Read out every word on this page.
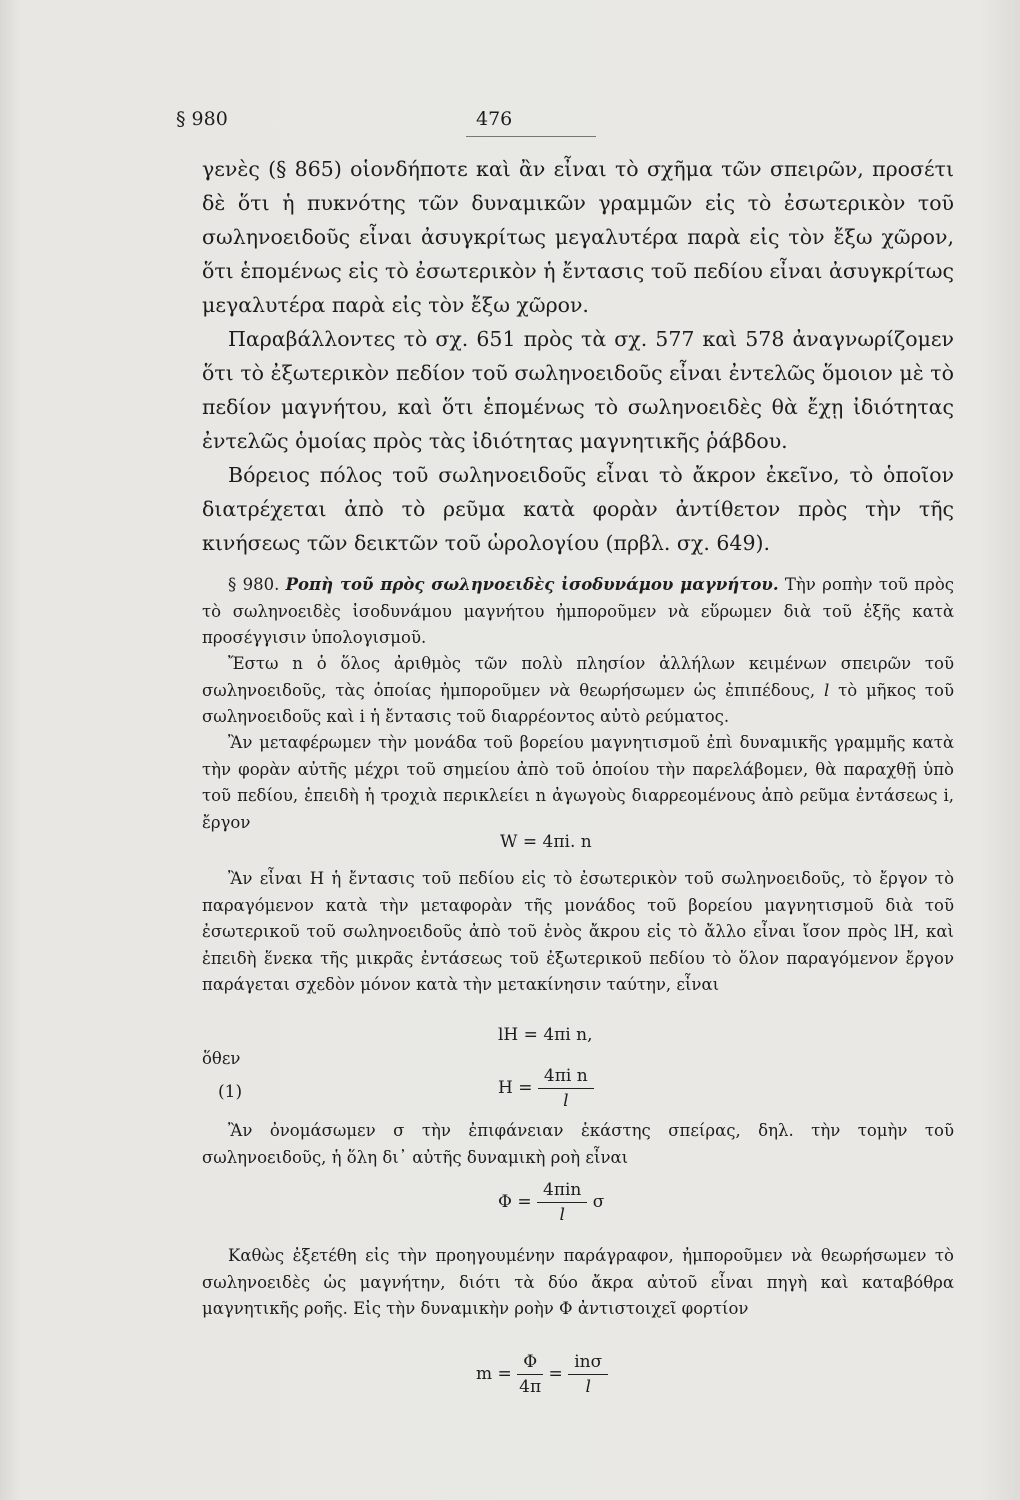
§ 980	476

γενὲς (§ 865) οἱονδήποτε καὶ ἂν εἶναι τὸ σχῆμα τῶν σπειρῶν, προσέτι δὲ ὅτι ἡ πυκνότης τῶν δυναμικῶν γραμμῶν εἰς τὸ ἐσωτερικὸν τοῦ σωληνοειδοῦς εἶναι ἀσυγκρίτως μεγαλυτέρα παρὰ εἰς τὸν ἔξω χῶρον, ὅτι ἑπομένως εἰς τὸ ἐσωτερικὸν ἡ ἔντασις τοῦ πεδίου εἶναι ἀσυγκρίτως μεγαλυτέρα παρὰ εἰς τὸν ἔξω χῶρον.

Παραβάλλοντες τὸ σχ. 651 πρὸς τὰ σχ. 577 καὶ 578 ἀναγνωρίζομεν ὅτι τὸ ἐξωτερικὸν πεδίον τοῦ σωληνοειδοῦς εἶναι ἐντελῶς ὅμοιον μὲ τὸ πεδίον μαγνήτου, καὶ ὅτι ἑπομένως τὸ σωληνοειδὲς θὰ ἔχῃ ἰδιότητας ἐντελῶς ὁμοίας πρὸς τὰς ἰδιότητας μαγνητικῆς ῥάβδου.

Βόρειος πόλος τοῦ σωληνοειδοῦς εἶναι τὸ ἄκρον ἐκεῖνο, τὸ ὁποῖον διατρέχεται ἀπὸ τὸ ρεῦμα κατὰ φορὰν ἀντίθετον πρὸς τὴν τῆς κινήσεως τῶν δεικτῶν τοῦ ὡρολογίου (πρβλ. σχ. 649).

§ 980. Ροπὴ τοῦ πρὸς σωληνοειδὲς ἰσοδυνάμου μαγνήτου. Τὴν ροπὴν τοῦ πρὸς τὸ σωληνοειδὲς ἰσοδυνάμου μαγνήτου ἠμποροῦμεν νὰ εὕρωμεν διὰ τοῦ ἑξῆς κατὰ προσέγγισιν ὑπολογισμοῦ.

Ἔστω n ὁ ὅλος ἀριθμὸς τῶν πολὺ πλησίον ἀλλήλων κειμένων σπειρῶν τοῦ σωληνοειδοῦς, τὰς ὁποίας ἠμποροῦμεν νὰ θεωρήσωμεν ὡς ἐπιπέδους, l τὸ μῆκος τοῦ σωληνοειδοῦς καὶ i ἡ ἔντασις τοῦ διαρρέοντος αὐτὸ ρεύματος.

Ἂν μεταφέρωμεν τὴν μονάδα τοῦ βορείου μαγνητισμοῦ ἐπὶ δυναμικῆς γραμμῆς κατὰ τὴν φορὰν αὐτῆς μέχρι τοῦ σημείου ἀπὸ τοῦ ὁποίου τὴν παρελάβομεν, θὰ παραχθῇ ὑπὸ τοῦ πεδίου, ἐπειδὴ ἡ τροχιὰ περικλείει n ἀγωγοὺς διαρρεομένους ἀπὸ ρεῦμα ἐντάσεως i, ἔργον

W = 4πi. n

Ἂν εἶναι H ἡ ἔντασις τοῦ πεδίου εἰς τὸ ἐσωτερικὸν τοῦ σωληνοειδοῦς, τὸ ἔργον τὸ παραγόμενον κατὰ τὴν μεταφορὰν τῆς μονάδος τοῦ βορείου μαγνητισμοῦ διὰ τοῦ ἐσωτερικοῦ τοῦ σωληνοειδοῦς ἀπὸ τοῦ ἑνὸς ἄκρου εἰς τὸ ἄλλο εἶναι ἴσον πρὸς lH, καὶ ἐπειδὴ ἕνεκα τῆς μικρᾶς ἐντάσεως τοῦ ἐξωτερικοῦ πεδίου τὸ ὅλον παραγόμενον ἔργον παράγεται σχεδὸν μόνον κατὰ τὴν μετακίνησιν ταύτην, εἶναι

lH = 4πi n,
ὅθεν
(1)	$H = \frac{\text{4πi n}}{l}$

Ἂν ὀνομάσωμεν σ τὴν ἐπιφάνειαν ἑκάστης σπείρας, δηλ. τὴν τομὴν τοῦ σωληνοειδοῦς, ἡ ὅλη δι᾽ αὐτῆς δυναμικὴ ροὴ εἶναι

$\Phi = \frac{\text{4πin}}{l}$ σ

Καθὼς ἐξετέθη εἰς τὴν προηγουμένην παράγραφον, ἠμποροῦμεν νὰ θεωρήσωμεν τὸ σωληνοειδὲς ὡς μαγνήτην, διότι τὰ δύο ἄκρα αὐτοῦ εἶναι πηγὴ καὶ καταβόθρα μαγνητικῆς ροῆς. Εἰς τὴν δυναμικὴν ροὴν Φ ἀντιστοιχεῖ φορτίον

$m = \frac{\Phi}{4\pi} = \frac{\text{inσ}}{l}$
